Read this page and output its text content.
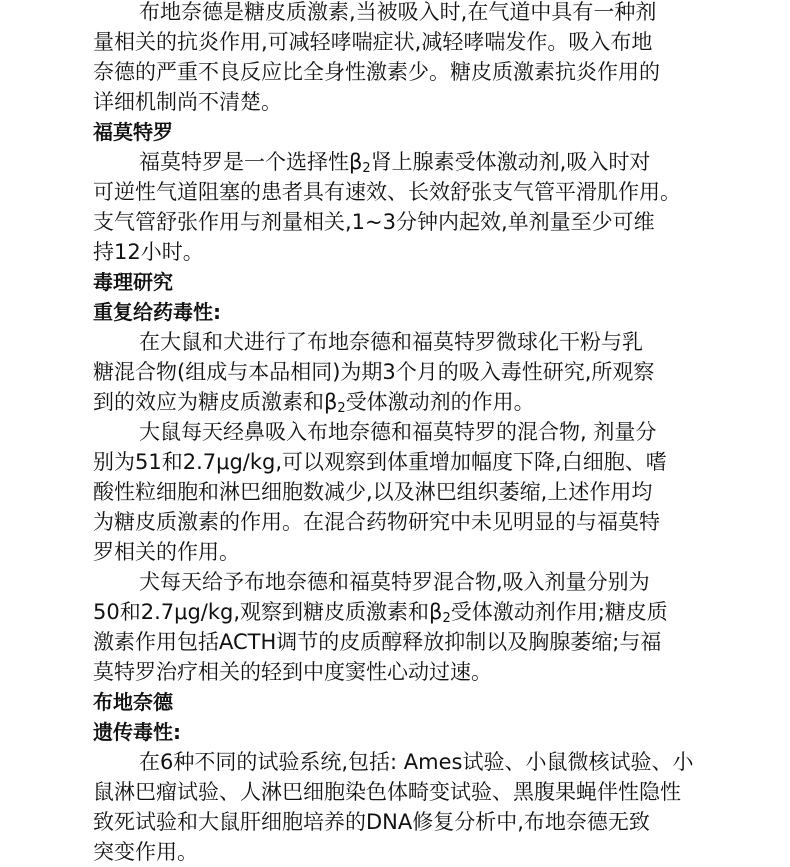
布地奈德是糖皮质激素,当被吸入时,在气道中具有一种剂
量相关的抗炎作用,可减轻哮喘症状,减轻哮喘发作。吸入布地
奈德的严重不良反应比全身性激素少。糖皮质激素抗炎作用的
详细机制尚不清楚。
福莫特罗
福莫特罗是一个选择性$\beta_2$肾上腺素受体激动剂,吸入时对
可逆性气道阻塞的患者具有速效、长效舒张支气管平滑肌作用。
支气管舒张作用与剂量相关,1~3分钟内起效,单剂量至少可维
持12小时。
毒理研究
重复给药毒性:
在大鼠和犬进行了布地奈德和福莫特罗微球化干粉与乳
糖混合物(组成与本品相同)为期3个月的吸入毒性研究,所观察
到的效应为糖皮质激素和$\beta_2$受体激动剂的作用。
大鼠每天经鼻吸入布地奈德和福莫特罗的混合物, 剂量分
别为51和2.7μg/kg,可以观察到体重增加幅度下降,白细胞、嗜
酸性粒细胞和淋巴细胞数减少,以及淋巴组织萎缩,上述作用均
为糖皮质激素的作用。在混合药物研究中未见明显的与福莫特
罗相关的作用。
犬每天给予布地奈德和福莫特罗混合物,吸入剂量分别为
50和2.7μg/kg,观察到糖皮质激素和$\beta_2$受体激动剂作用;糖皮质
激素作用包括ACTH调节的皮质醇释放抑制以及胸腺萎缩;与福
莫特罗治疗相关的轻到中度窦性心动过速。
布地奈德
遗传毒性:
在6种不同的试验系统,包括: Ames试验、小鼠微核试验、小
鼠淋巴瘤试验、人淋巴细胞染色体畸变试验、黑腹果蝇伴性隐性
致死试验和大鼠肝细胞培养的DNA修复分析中,布地奈德无致
突变作用。
